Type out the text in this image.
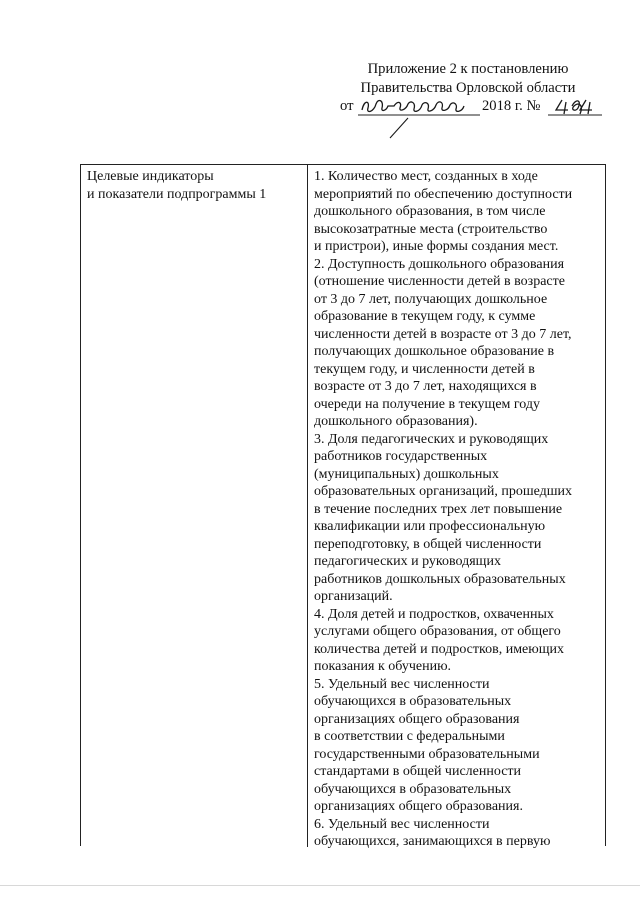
Приложение 2 к постановлению
Правительства Орловской области
от	2018 г. №
Целевые индикаторы
и показатели подпрограммы 1
1. Количество мест, созданных в ходе
мероприятий по обеспечению доступности
дошкольного образования, в том числе
высокозатратные места (строительство
и пристрои), иные формы создания мест.
2. Доступность дошкольного образования
(отношение численности детей в возрасте
от 3 до 7 лет, получающих дошкольное
образование в текущем году, к сумме
численности детей в возрасте от 3 до 7 лет,
получающих дошкольное образование в
текущем году, и численности детей в
возрасте от 3 до 7 лет, находящихся в
очереди на получение в текущем году
дошкольного образования).
3. Доля педагогических и руководящих
работников государственных
(муниципальных) дошкольных
образовательных организаций, прошедших
в течение последних трех лет повышение
квалификации или профессиональную
переподготовку, в общей численности
педагогических и руководящих
работников дошкольных образовательных
организаций.
4. Доля детей и подростков, охваченных
услугами общего образования, от общего
количества детей и подростков, имеющих
показания к обучению.
5. Удельный вес численности
обучающихся в образовательных
организациях общего образования
в соответствии с федеральными
государственными образовательными
стандартами в общей численности
обучающихся в образовательных
организациях общего образования.
6. Удельный вес численности
обучающихся, занимающихся в первую
